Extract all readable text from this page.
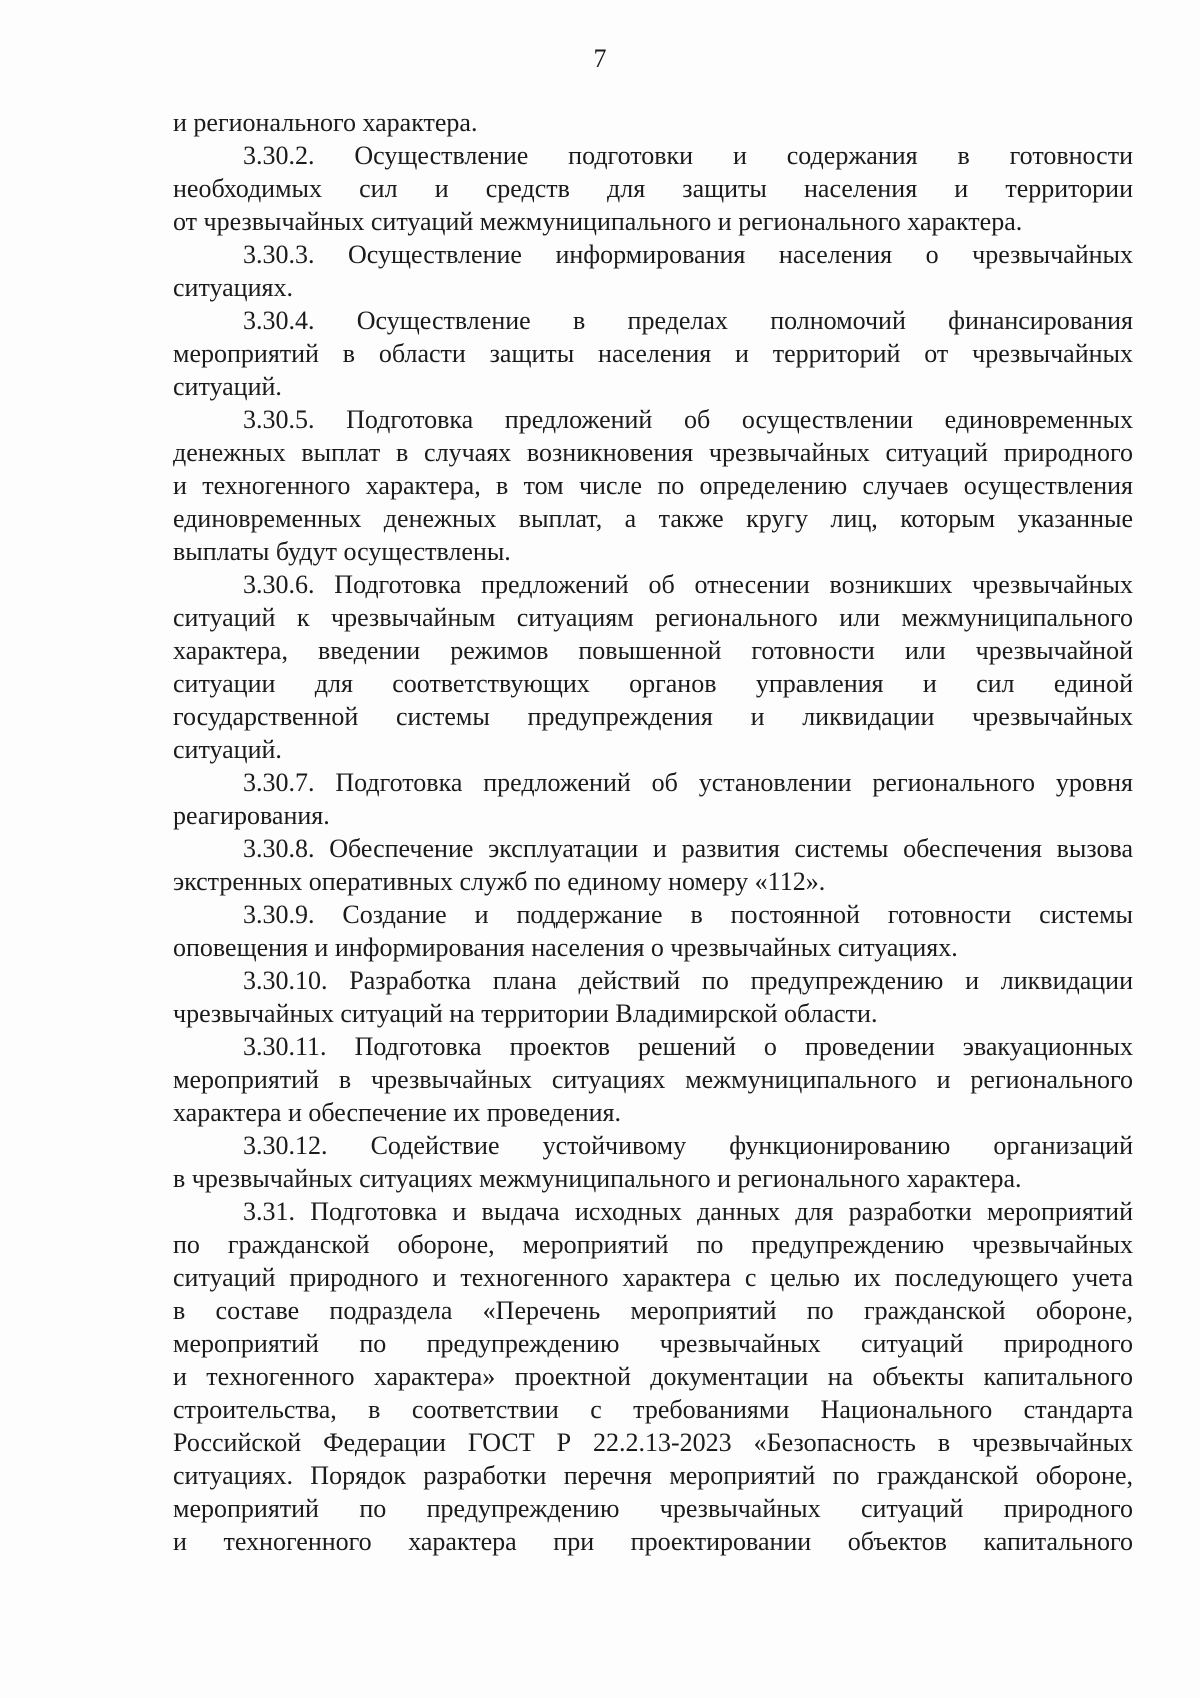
7
и регионального характера.
3.30.2. Осуществление подготовки и содержания в готовности
необходимых сил и средств для защиты населения и территории
от чрезвычайных ситуаций межмуниципального и регионального характера.
3.30.3. Осуществление информирования населения о чрезвычайных
ситуациях.
3.30.4. Осуществление в пределах полномочий финансирования
мероприятий в области защиты населения и территорий от чрезвычайных
ситуаций.
3.30.5. Подготовка предложений об осуществлении единовременных
денежных выплат в случаях возникновения чрезвычайных ситуаций природного
и техногенного характера, в том числе по определению случаев осуществления
единовременных денежных выплат, а также кругу лиц, которым указанные
выплаты будут осуществлены.
3.30.6. Подготовка предложений об отнесении возникших чрезвычайных
ситуаций к чрезвычайным ситуациям регионального или межмуниципального
характера, введении режимов повышенной готовности или чрезвычайной
ситуации для соответствующих органов управления и сил единой
государственной системы предупреждения и ликвидации чрезвычайных
ситуаций.
3.30.7. Подготовка предложений об установлении регионального уровня
реагирования.
3.30.8. Обеспечение эксплуатации и развития системы обеспечения вызова
экстренных оперативных служб по единому номеру «112».
3.30.9. Создание и поддержание в постоянной готовности системы
оповещения и информирования населения о чрезвычайных ситуациях.
3.30.10. Разработка плана действий по предупреждению и ликвидации
чрезвычайных ситуаций на территории Владимирской области.
3.30.11. Подготовка проектов решений о проведении эвакуационных
мероприятий в чрезвычайных ситуациях межмуниципального и регионального
характера и обеспечение их проведения.
3.30.12. Содействие устойчивому функционированию организаций
в чрезвычайных ситуациях межмуниципального и регионального характера.
3.31. Подготовка и выдача исходных данных для разработки мероприятий
по гражданской обороне, мероприятий по предупреждению чрезвычайных
ситуаций природного и техногенного характера с целью их последующего учета
в составе подраздела «Перечень мероприятий по гражданской обороне,
мероприятий по предупреждению чрезвычайных ситуаций природного
и техногенного характера» проектной документации на объекты капитального
строительства, в соответствии с требованиями Национального стандарта
Российской Федерации ГОСТ Р 22.2.13-2023 «Безопасность в чрезвычайных
ситуациях. Порядок разработки перечня мероприятий по гражданской обороне,
мероприятий по предупреждению чрезвычайных ситуаций природного
и техногенного характера при проектировании объектов капитального
